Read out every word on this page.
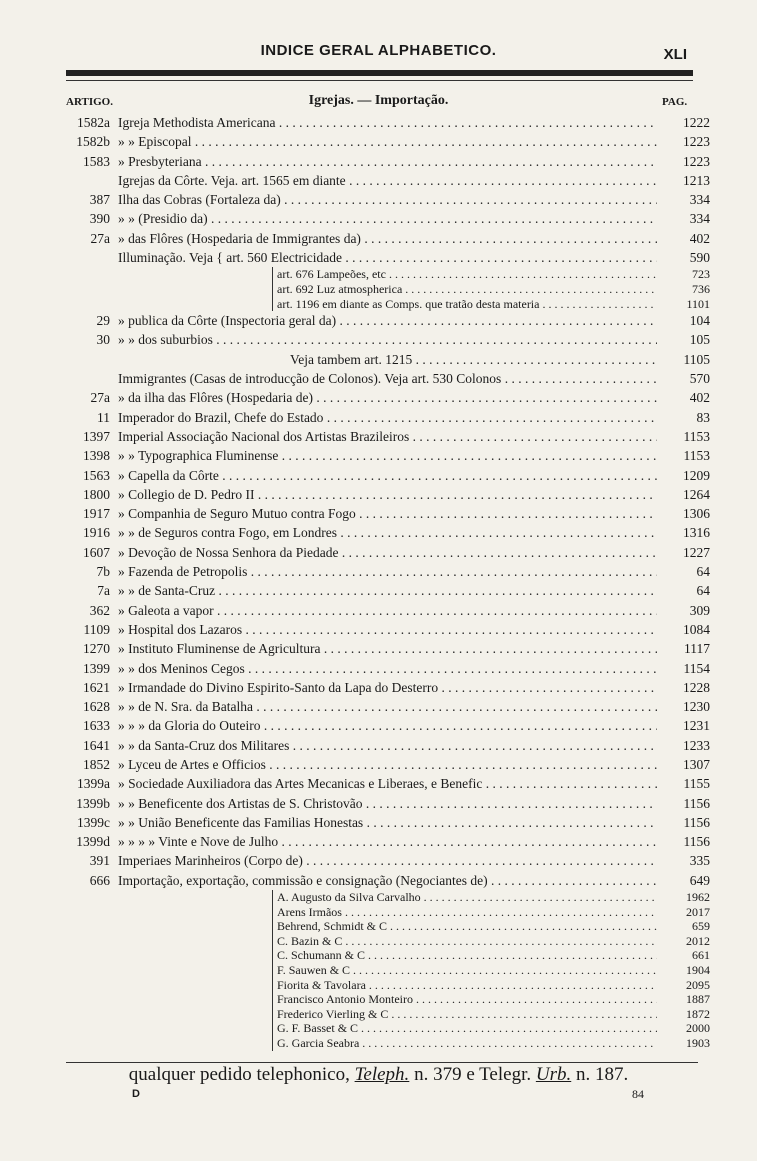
INDICE GERAL ALPHABETICO.	XLI
ARTIGO.	Igrejas. — Importação.	PAG.
1582a Igreja Methodista Americana . . .	1222
1582b » » Episcopal . . .	1223
1583 » Presbyteriana . . .	1223
Igrejas da Côrte. Veja. art. 1565 em diante . . .	1213
387 Ilha das Cobras (Fortaleza da) . . .	334
390 » » (Presidio da) . . .	334
27a » das Flôres (Hospedaria de Immigrantes da) . . .	402
Illuminação. Veja { art. 560 Electricidade . . .	590
art. 676 Lampeões, etc . . .	723
art. 692 Luz atmospherica . . .	736
art. 1196 em diante as Comps. que tratão desta materia . . .	1101
29 » publica da Côrte (Inspectoria geral da) . . .	104
30 » » dos suburbios . . .	105
Veja tambem art. 1215 . . .	1105
Immigrantes (Casas de introducção de Colonos). Veja art. 530 Colonos . . .	570
27a » da ilha das Flôres (Hospedaria de) . . .	402
11 Imperador do Brazil, Chefe do Estado . . .	83
1397 Imperial Associação Nacional dos Artistas Brazileiros . . .	1153
1398 » » Typographica Fluminense . . .	1153
1563 » Capella da Côrte . . .	1209
1800 » Collegio de D. Pedro II . . .	1264
1917 » Companhia de Seguro Mutuo contra Fogo . . .	1306
1916 » » de Seguros contra Fogo, em Londres . . .	1316
1607 » Devoção de Nossa Senhora da Piedade . . .	1227
7b » Fazenda de Petropolis . . .	64
7a » » de Santa-Cruz . . .	64
362 » Galeota a vapor . . .	309
1109 » Hospital dos Lazaros . . .	1084
1270 » Instituto Fluminense de Agricultura . . .	1117
1399 » » dos Meninos Cegos . . .	1154
1621 » Irmandade do Divino Espirito-Santo da Lapa do Desterro . . .	1228
1628 » » de N. Sra. da Batalha . . .	1230
1633 » » » da Gloria do Outeiro . . .	1231
1641 » » da Santa-Cruz dos Militares . . .	1233
1852 » Lyceu de Artes e Officios . . .	1307
1399a » Sociedade Auxiliadora das Artes Mecanicas e Liberaes, e Benefic . . .	1155
1399b » » Beneficente dos Artistas de S. Christovão . . .	1156
1399c » » União Beneficente das Familias Honestas . . .	1156
1399d » » » » Vinte e Nove de Julho . . .	1156
391 Imperiaes Marinheiros (Corpo de) . . .	335
666 Importação, exportação, commissão e consignação (Negociantes de) . . .	649
A. Augusto da Silva Carvalho . . .	1962
Arens Irmãos . . .	2017
Behrend, Schmidt & C . . .	659
C. Bazin & C . . .	2012
C. Schumann & C . . .	661
F. Sauwen & C . . .	1904
Fiorita & Tavolara . . .	2095
Francisco Antonio Monteiro . . .	1887
Frederico Vierling & C . . .	1872
G. F. Basset & C . . .	2000
G. Garcia Seabra . . .	1903
qualquer pedido telephonico, Teleph. n. 379 e Telegr. Urb. n. 187.
D	84
